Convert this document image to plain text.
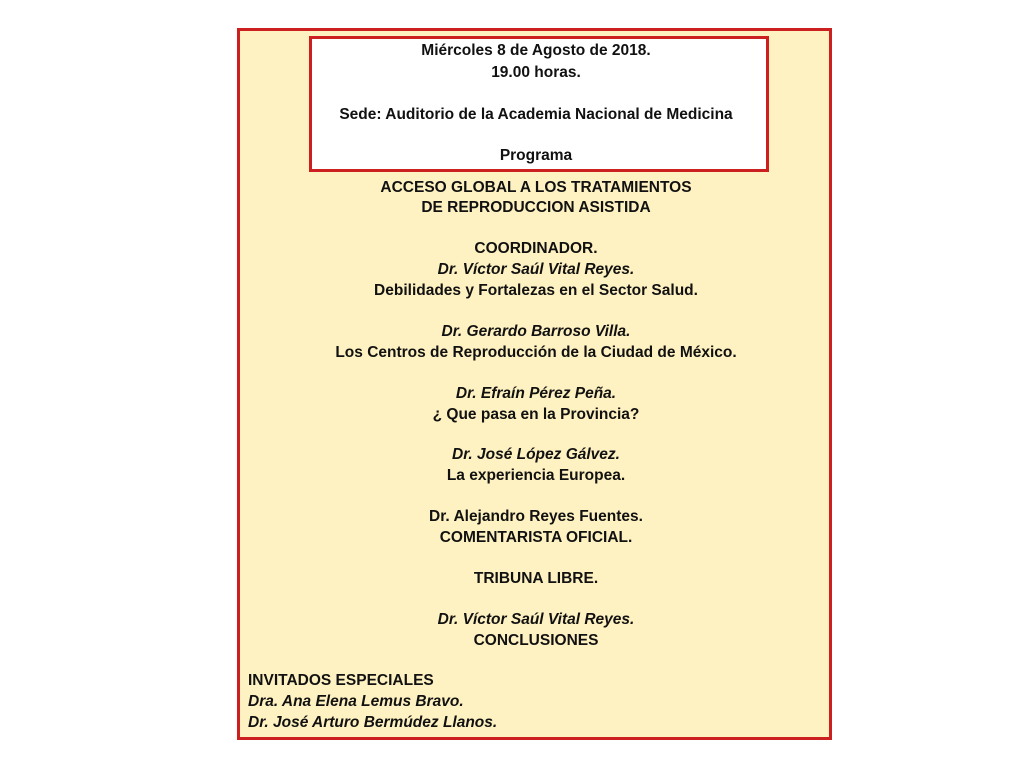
Miércoles 8 de Agosto de 2018.
19.00 horas.
Sede: Auditorio de la Academia Nacional de Medicina
Programa
ACCESO GLOBAL A LOS TRATAMIENTOS
DE REPRODUCCION ASISTIDA
COORDINADOR.
Dr. Víctor Saúl Vital Reyes.
Debilidades y Fortalezas en el Sector Salud.
Dr. Gerardo Barroso Villa.
Los Centros de Reproducción de la Ciudad de México.
Dr. Efraín Pérez Peña.
¿ Que pasa en la Provincia?
Dr. José López Gálvez.
La experiencia Europea.
Dr. Alejandro Reyes Fuentes.
COMENTARISTA OFICIAL.
TRIBUNA LIBRE.
Dr. Víctor Saúl Vital Reyes.
CONCLUSIONES
INVITADOS ESPECIALES
Dra. Ana Elena Lemus Bravo.
Dr. José Arturo Bermúdez Llanos.
